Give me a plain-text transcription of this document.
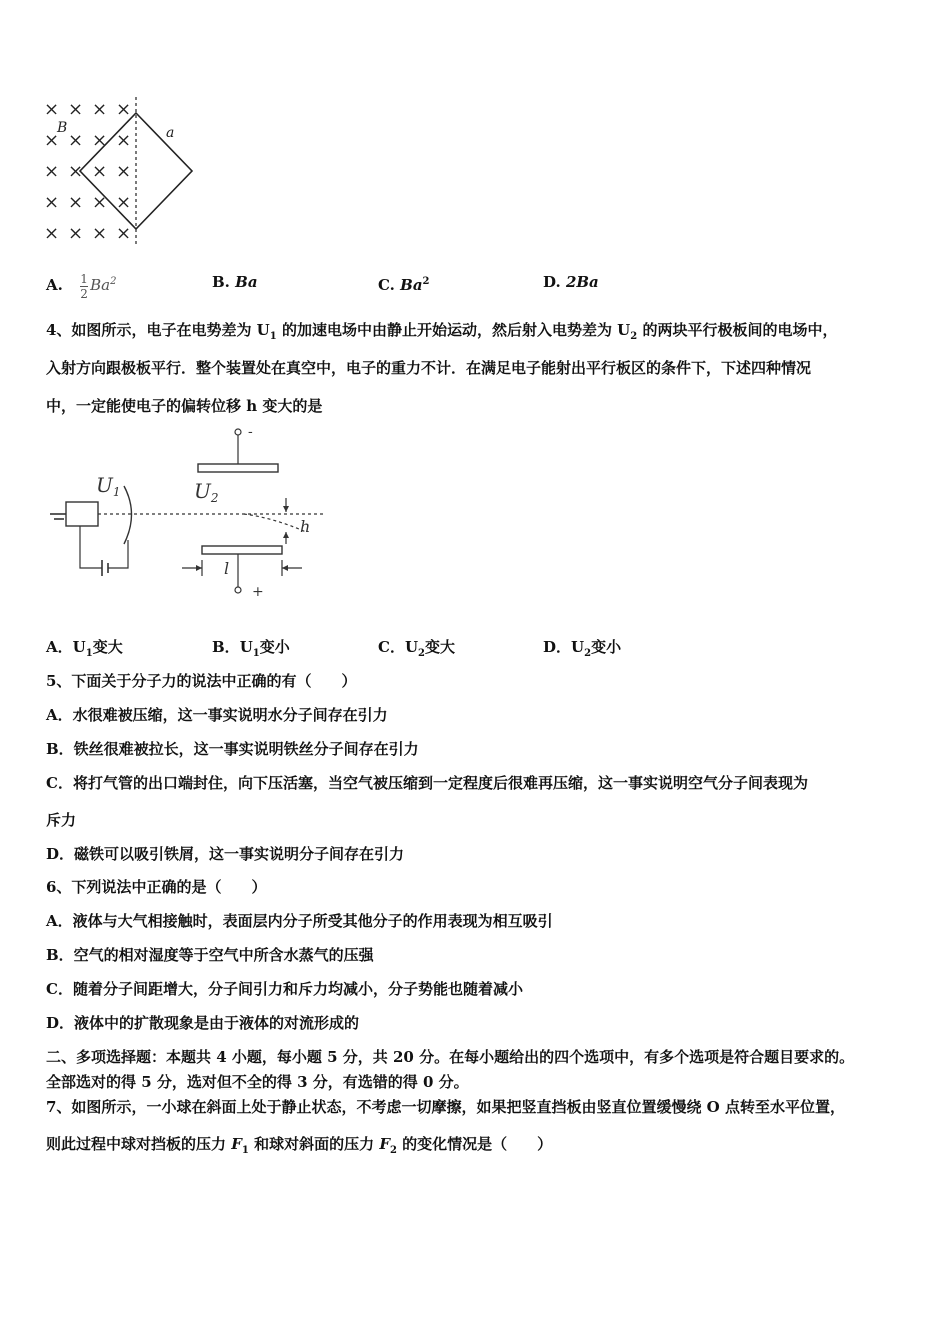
× × × ×
× × × ×
× × × ×
× × × ×
× × × ×
B	a
A. $\frac{1}{2} Ba^2$	B. Ba	C. Ba$^2$	D. 2Ba
4、如图所示，电子在电势差为 $U_1$ 的加速电场中由静止开始运动，然后射入电势差为 $U_2$ 的两块平行极板间的电场中，
入射方向跟极板平行．整个装置处在真空中，电子的重力不计．在满足电子能射出平行板区的条件下，下述四种情况
中，一定能使电子的偏转位移 h 变大的是
-
+
$U_1$	$U_2$
h
l
A．$U_1$变大	B．$U_1$变小	C．$U_2$变大	D．$U_2$变小
5、下面关于分子力的说法中正确的有（　　）
A．水很难被压缩，这一事实说明水分子间存在引力
B．铁丝很难被拉长，这一事实说明铁丝分子间存在引力
C．将打气管的出口端封住，向下压活塞，当空气被压缩到一定程度后很难再压缩，这一事实说明空气分子间表现为
斥力
D．磁铁可以吸引铁屑，这一事实说明分子间存在引力
6、下列说法中正确的是（　　）
A．液体与大气相接触时，表面层内分子所受其他分子的作用表现为相互吸引
B．空气的相对湿度等于空气中所含水蒸气的压强
C．随着分子间距增大，分子间引力和斥力均减小，分子势能也随着减小
D．液体中的扩散现象是由于液体的对流形成的
二、多项选择题：本题共 4 小题，每小题 5 分，共 20 分。在每小题给出的四个选项中，有多个选项是符合题目要求的。
全部选对的得 5 分，选对但不全的得 3 分，有选错的得 0 分。
7、如图所示，一小球在斜面上处于静止状态，不考虑一切摩擦，如果把竖直挡板由竖直位置缓慢绕 O 点转至水平位置，
则此过程中球对挡板的压力 $F_1$ 和球对斜面的压力 $F_2$ 的变化情况是（　　）
